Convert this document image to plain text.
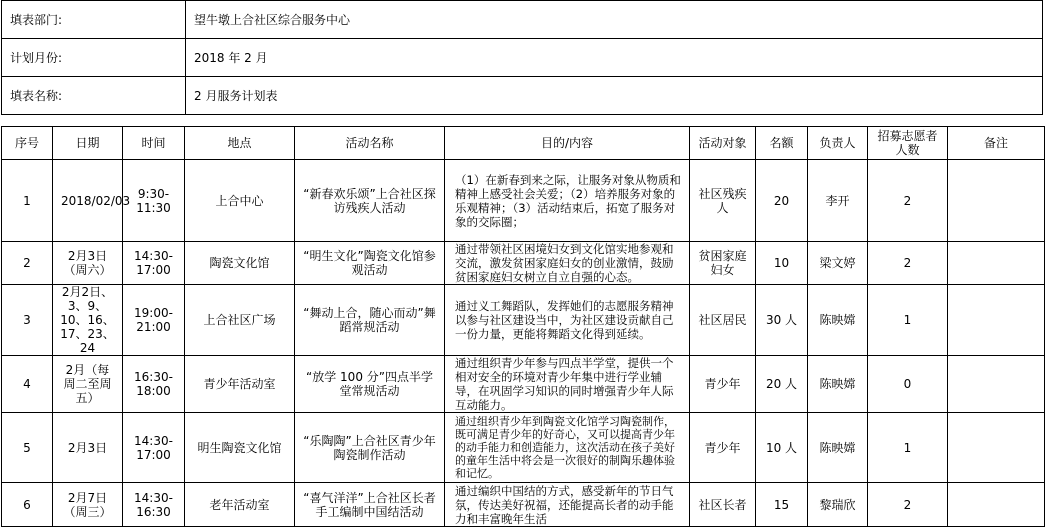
填表部门:	望牛墩上合社区综合服务中心
计划月份:	2018 年 2 月
填表名称:	2 月服务计划表
序号	日期	时间	地点	活动名称	目的/内容	活动对象	名额	负责人	招募志愿者人数	备注
1	2018/02/03	9:30-11:30	上合中心	“新春欢乐颂”上合社区探访残疾人活动	（1）在新春到来之际，让服务对象从物质和精神上感受社会关爱；（2）培养服务对象的乐观精神；（3）活动结束后，拓宽了服务对象的交际圈；	社区残疾人	20	李开	2	
2	2月3日（周六）	14:30-17:00	陶瓷文化馆	“明生文化”陶瓷文化馆参观活动	通过带领社区困境妇女到文化馆实地参观和交流，激发贫困家庭妇女的创业激情，鼓励贫困家庭妇女树立自立自强的心态。	贫困家庭妇女	10	梁文婷	2	
3	2月2日、3、9、10、16、17、23、24	19:00-21:00	上合社区广场	“舞动上合，随心而动”舞蹈常规活动	通过义工舞蹈队，发挥她们的志愿服务精神以参与社区建设当中，为社区建设贡献自己一份力量，更能将舞蹈文化得到延续。	社区居民	30 人	陈映嫦	1	
4	2月（每周二至周五）	16:30-18:00	青少年活动室	“放学 100 分”四点半学堂常规活动	通过组织青少年参与四点半学堂，提供一个相对安全的环境对青少年集中进行学业辅导，在巩固学习知识的同时增强青少年人际互动能力。	青少年	20 人	陈映嫦	0	
5	2月3日	14:30-17:00	明生陶瓷文化馆	“乐陶陶”上合社区青少年陶瓷制作活动	通过组织青少年到陶瓷文化馆学习陶瓷制作，既可满足青少年的好奇心，又可以提高青少年的动手能力和创造能力，这次活动在孩子美好的童年生活中将会是一次很好的制陶乐趣体验和记忆。	青少年	10 人	陈映嫦	1	
6	2月7日（周三）	14:30-16:30	老年活动室	“喜气洋洋”上合社区长者手工编制中国结活动	通过编织中国结的方式，感受新年的节日气氛，传达美好祝福，还能提高长者的动手能力和丰富晚年生活	社区长者	15	黎瑞欣	2	
